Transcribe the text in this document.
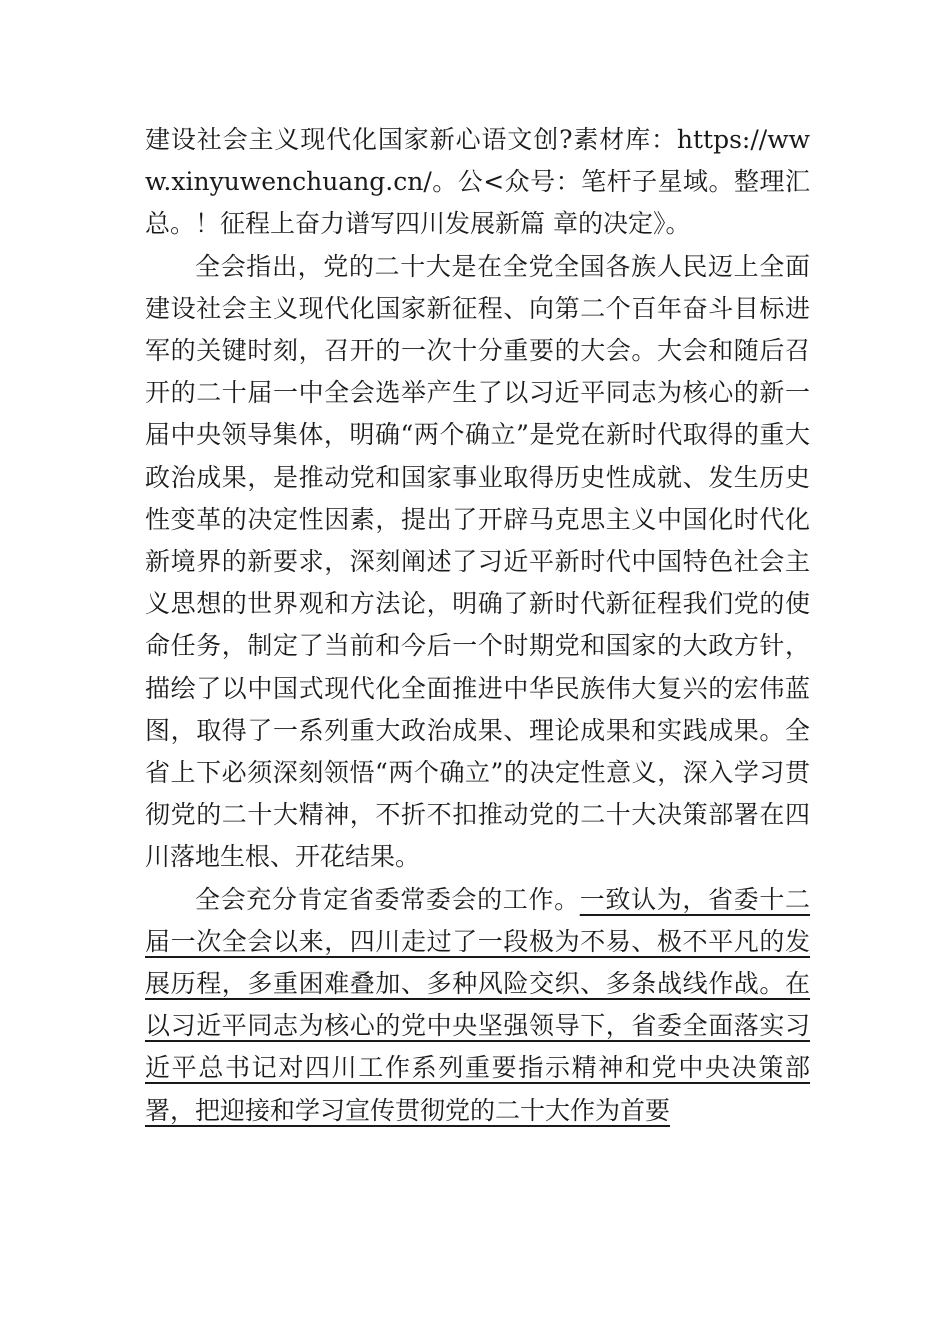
建设社会主义现代化国家新心语文创?素材库：https://www.xinyuwenchuang.cn/。公<众号：笔杆子星域。整理汇总。！征程上奋力谱写四川发展新篇 章的决定》。

全会指出，党的二十大是在全党全国各族人民迈上全面建设社会主义现代化国家新征程、向第二个百年奋斗目标进军的关键时刻，召开的一次十分重要的大会。大会和随后召开的二十届一中全会选举产生了以习近平同志为核心的新一届中央领导集体，明确“两个确立”是党在新时代取得的重大政治成果，是推动党和国家事业取得历史性成就、发生历史性变革的决定性因素，提出了开辟马克思主义中国化时代化新境界的新要求，深刻阐述了习近平新时代中国特色社会主义思想的世界观和方法论，明确了新时代新征程我们党的使命任务，制定了当前和今后一个时期党和国家的大政方针，描绘了以中国式现代化全面推进中华民族伟大复兴的宏伟蓝图，取得了一系列重大政治成果、理论成果和实践成果。全省上下必须深刻领悟“两个确立”的决定性意义，深入学习贯彻党的二十大精神，不折不扣推动党的二十大决策部署在四川落地生根、开花结果。

全会充分肯定省委常委会的工作。一致认为，省委十二届一次全会以来，四川走过了一段极为不易、极不平凡的发展历程，多重困难叠加、多种风险交织、多条战线作战。在以习近平同志为核心的党中央坚强领导下，省委全面落实习近平总书记对四川工作系列重要指示精神和党中央决策部署，把迎接和学习宣传贯彻党的二十大作为首要
